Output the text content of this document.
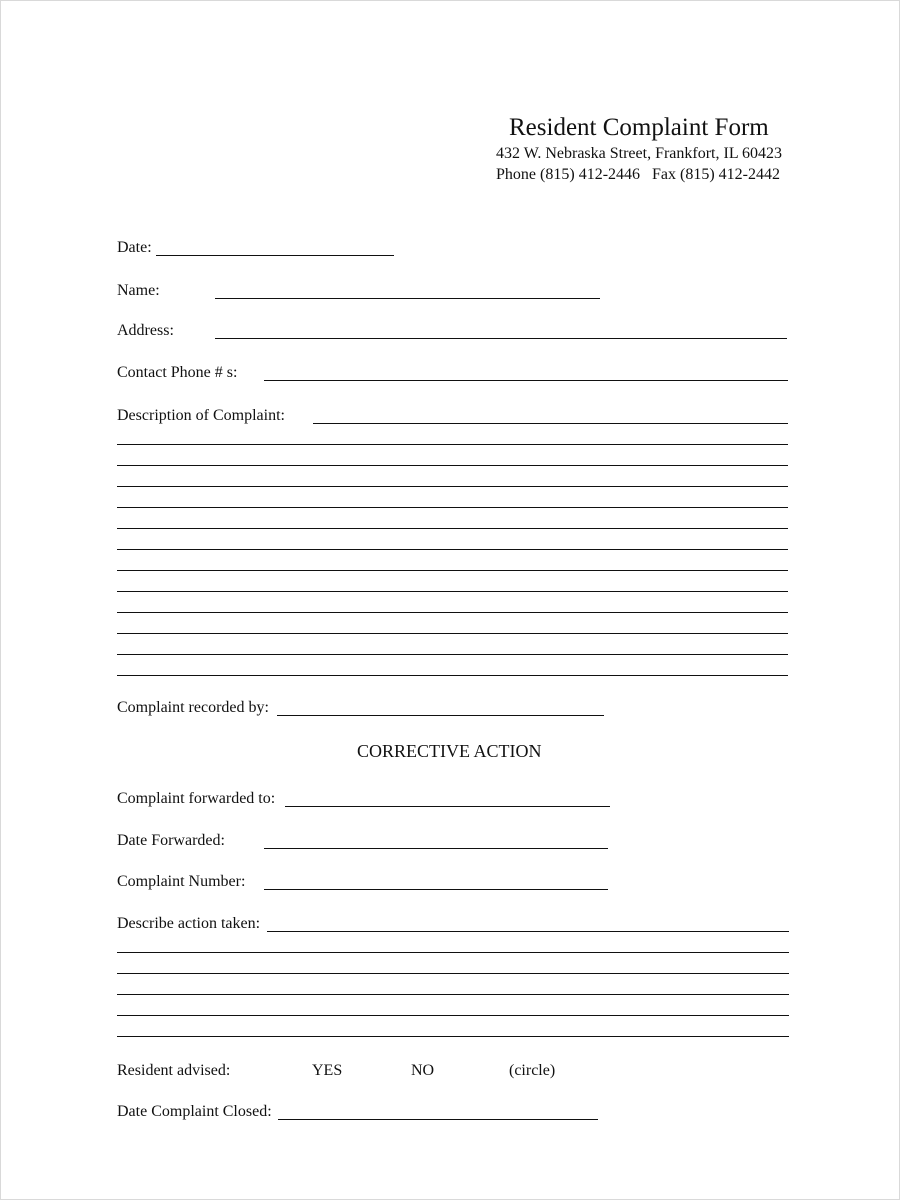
Resident Complaint Form
432 W. Nebraska Street, Frankfort, IL 60423
Phone (815) 412-2446   Fax (815) 412-2442
Date:
Name:
Address:
Contact Phone # s:
Description of Complaint:
Complaint recorded by:
CORRECTIVE ACTION
Complaint forwarded to:
Date Forwarded:
Complaint Number:
Describe action taken:
Resident advised:	YES	NO	(circle)
Date Complaint Closed:
